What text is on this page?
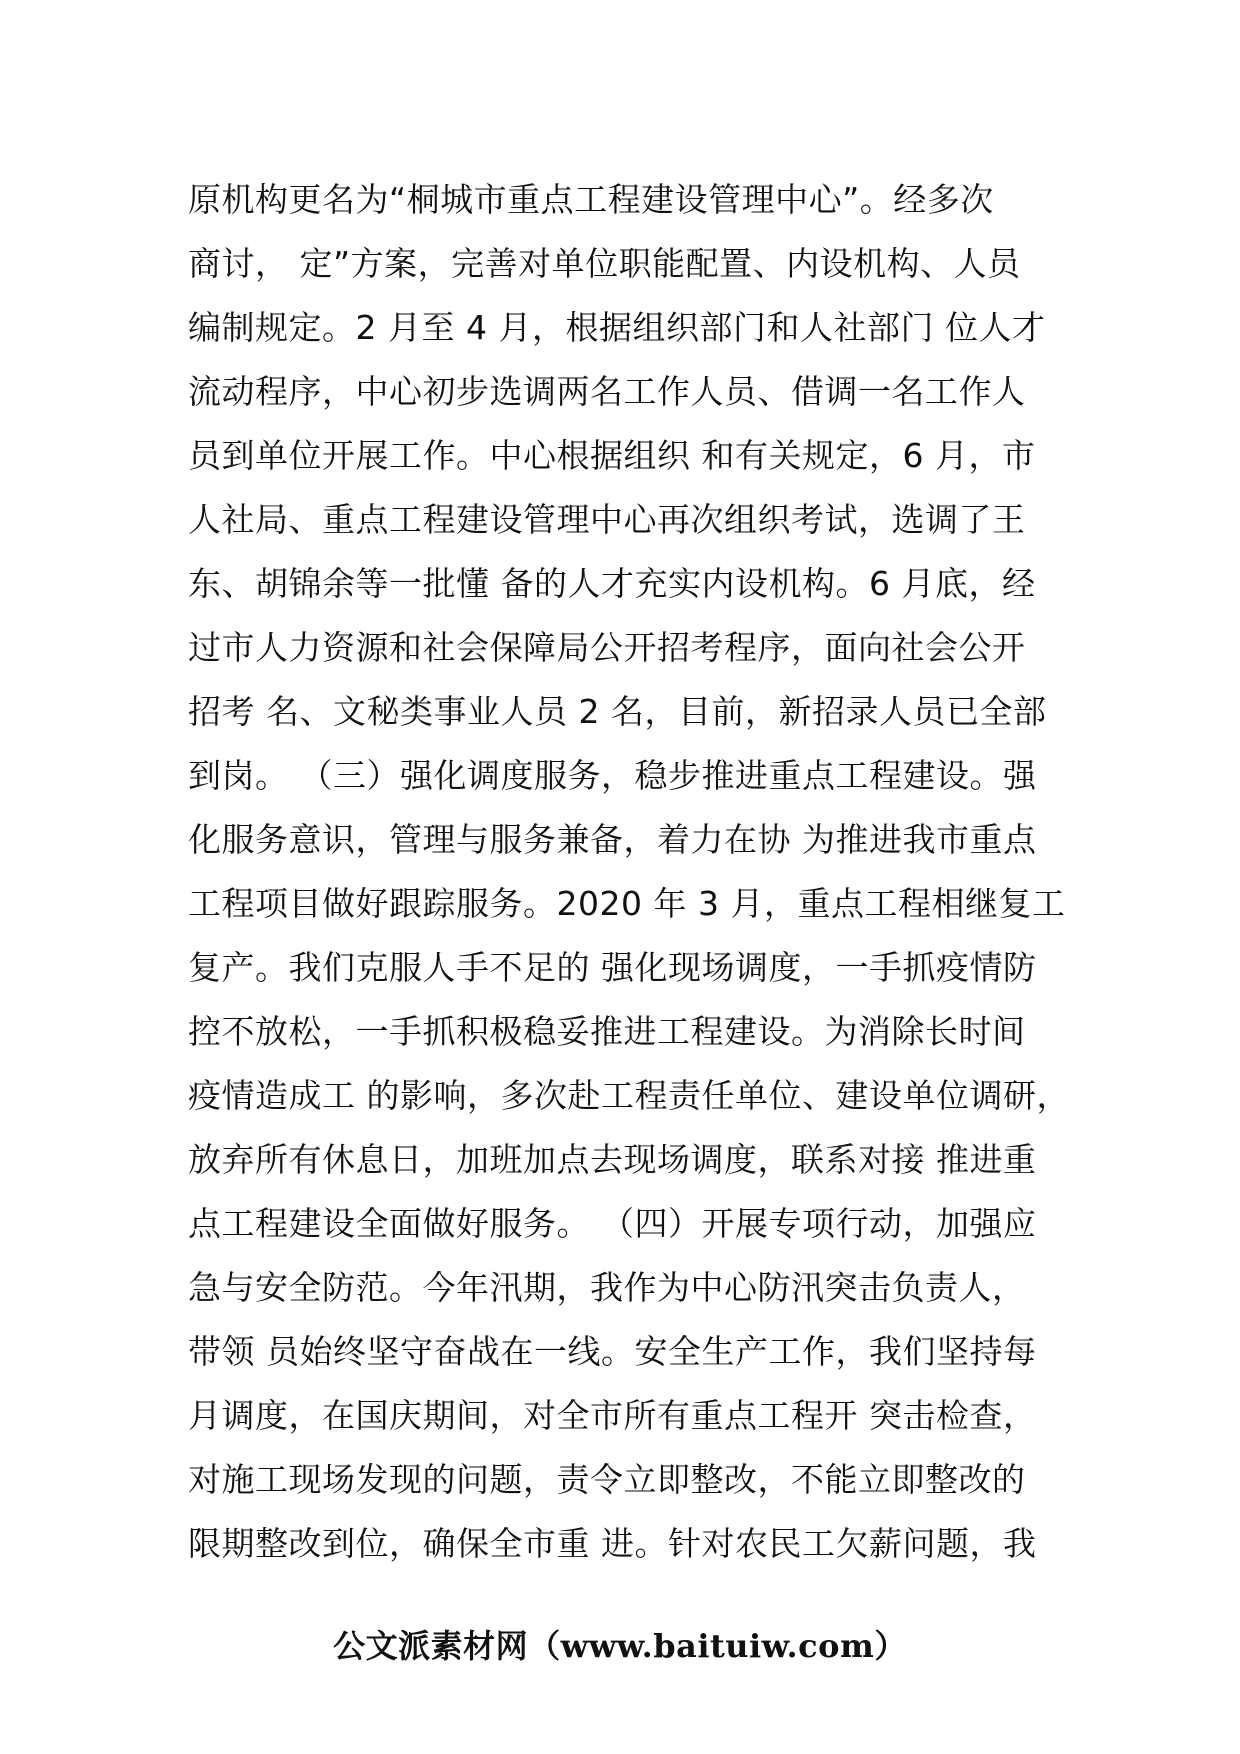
原机构更名为“桐城市重点工程建设管理中心”。经多次
商讨， 定”方案，完善对单位职能配置、内设机构、人员
编制规定。2 月至 4 月，根据组织部门和人社部门 位人才
流动程序，中心初步选调两名工作人员、借调一名工作人
员到单位开展工作。中心根据组织 和有关规定，6 月，市
人社局、重点工程建设管理中心再次组织考试，选调了王
东、胡锦余等一批懂 备的人才充实内设机构。6 月底，经
过市人力资源和社会保障局公开招考程序，面向社会公开
招考 名、文秘类事业人员 2 名，目前，新招录人员已全部
到岗。 （三）强化调度服务，稳步推进重点工程建设。强
化服务意识，管理与服务兼备，着力在协 为推进我市重点
工程项目做好跟踪服务。2020 年 3 月，重点工程相继复工
复产。我们克服人手不足的 强化现场调度，一手抓疫情防
控不放松，一手抓积极稳妥推进工程建设。为消除长时间
疫情造成工 的影响，多次赴工程责任单位、建设单位调研，
放弃所有休息日，加班加点去现场调度，联系对接 推进重
点工程建设全面做好服务。 （四）开展专项行动，加强应
急与安全防范。今年汛期，我作为中心防汛突击负责人，
带领 员始终坚守奋战在一线。安全生产工作，我们坚持每
月调度，在国庆期间，对全市所有重点工程开 突击检查，
对施工现场发现的问题，责令立即整改，不能立即整改的
限期整改到位，确保全市重 进。针对农民工欠薪问题，我
公文派素材网（www.baituiw.com）
